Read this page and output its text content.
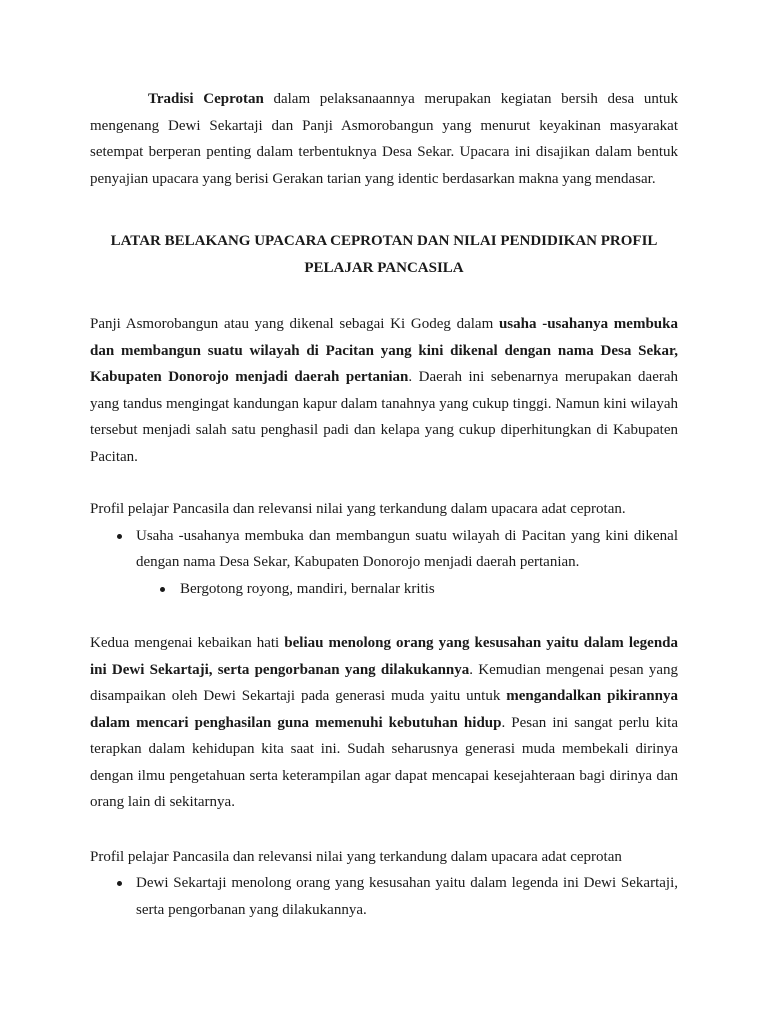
Tradisi Ceprotan dalam pelaksanaannya merupakan kegiatan bersih desa untuk mengenang Dewi Sekartaji dan Panji Asmorobangun yang menurut keyakinan masyarakat setempat berperan penting dalam terbentuknya Desa Sekar. Upacara ini disajikan dalam bentuk penyajian upacara yang berisi Gerakan tarian yang identic berdasarkan makna yang mendasar.

LATAR BELAKANG UPACARA CEPROTAN DAN NILAI PENDIDIKAN PROFIL
PELAJAR PANCASILA

Panji Asmorobangun atau yang dikenal sebagai Ki Godeg dalam usaha -usahanya membuka dan membangun suatu wilayah di Pacitan yang kini dikenal dengan nama Desa Sekar, Kabupaten Donorojo menjadi daerah pertanian. Daerah ini sebenarnya merupakan daerah yang tandus mengingat kandungan kapur dalam tanahnya yang cukup tinggi. Namun kini wilayah tersebut menjadi salah satu penghasil padi dan kelapa yang cukup diperhitungkan di Kabupaten Pacitan.

Profil pelajar Pancasila dan relevansi nilai yang terkandung dalam upacara adat ceprotan.

Usaha -usahanya membuka dan membangun suatu wilayah di Pacitan yang kini dikenal dengan nama Desa Sekar, Kabupaten Donorojo menjadi daerah pertanian.
Bergotong royong, mandiri, bernalar kritis

Kedua mengenai kebaikan hati beliau menolong orang yang kesusahan yaitu dalam legenda ini Dewi Sekartaji, serta pengorbanan yang dilakukannya. Kemudian mengenai pesan yang disampaikan oleh Dewi Sekartaji pada generasi muda yaitu untuk mengandalkan pikirannya dalam mencari penghasilan guna memenuhi kebutuhan hidup. Pesan ini sangat perlu kita terapkan dalam kehidupan kita saat ini. Sudah seharusnya generasi muda membekali dirinya dengan ilmu pengetahuan serta keterampilan agar dapat mencapai kesejahteraan bagi dirinya dan orang lain di sekitarnya.

Profil pelajar Pancasila dan relevansi nilai yang terkandung dalam upacara adat ceprotan

Dewi Sekartaji menolong orang yang kesusahan yaitu dalam legenda ini Dewi Sekartaji, serta pengorbanan yang dilakukannya.
